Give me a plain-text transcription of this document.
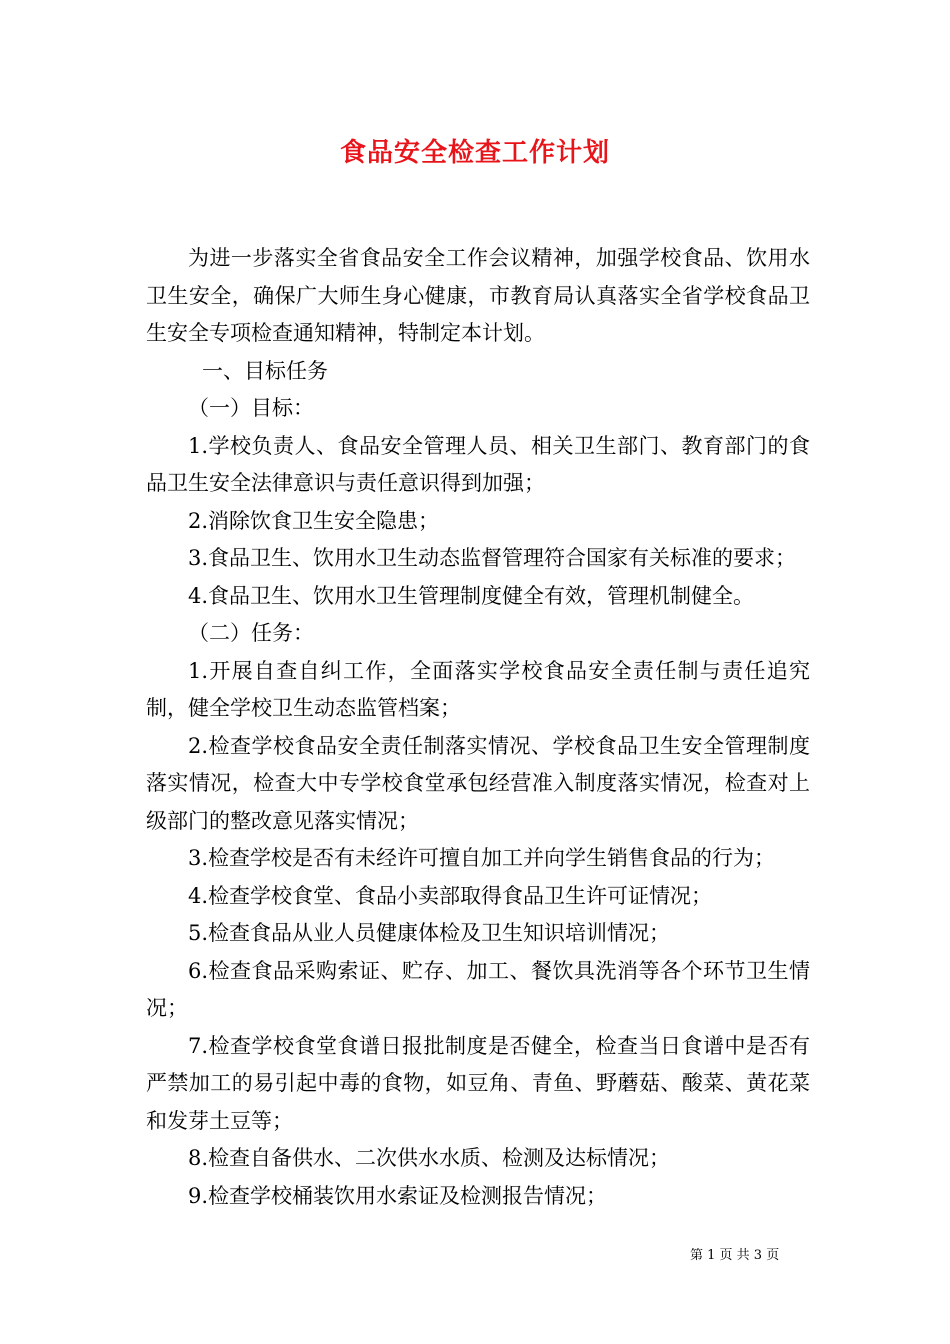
食品安全检查工作计划

为进一步落实全省食品安全工作会议精神，加强学校食品、饮用水卫生安全，确保广大师生身心健康，市教育局认真落实全省学校食品卫生安全专项检查通知精神，特制定本计划。

一、目标任务

（一）目标：

1.学校负责人、食品安全管理人员、相关卫生部门、教育部门的食品卫生安全法律意识与责任意识得到加强；

2.消除饮食卫生安全隐患；

3.食品卫生、饮用水卫生动态监督管理符合国家有关标准的要求；

4.食品卫生、饮用水卫生管理制度健全有效，管理机制健全。

（二）任务：

1.开展自查自纠工作，全面落实学校食品安全责任制与责任追究制，健全学校卫生动态监管档案；

2.检查学校食品安全责任制落实情况、学校食品卫生安全管理制度落实情况，检查大中专学校食堂承包经营准入制度落实情况，检查对上级部门的整改意见落实情况；

3.检查学校是否有未经许可擅自加工并向学生销售食品的行为；

4.检查学校食堂、食品小卖部取得食品卫生许可证情况；

5.检查食品从业人员健康体检及卫生知识培训情况；

6.检查食品采购索证、贮存、加工、餐饮具洗消等各个环节卫生情况；

7.检查学校食堂食谱日报批制度是否健全，检查当日食谱中是否有严禁加工的易引起中毒的食物，如豆角、青鱼、野蘑菇、酸菜、黄花菜和发芽土豆等；

8.检查自备供水、二次供水水质、检测及达标情况；

9.检查学校桶装饮用水索证及检测报告情况；

第 1 页 共 3 页
